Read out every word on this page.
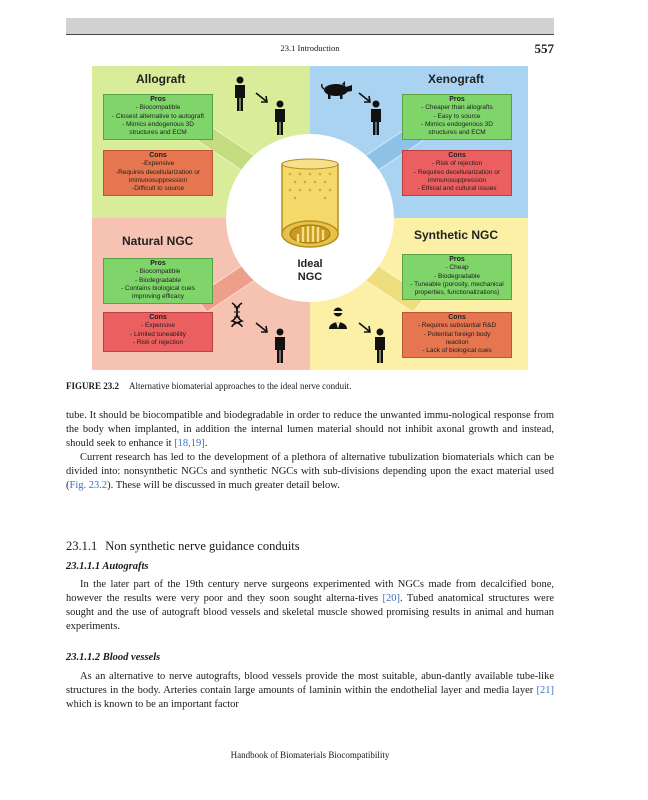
23.1 Introduction	557
Ideal
NGC
Allograft
Pros
- Biocompatible
- Closest alternative to autograft
- Mimics endogenous 3D
structures and ECM
Cons
-Expensive
-Requires decellularization or
immunosuppression
-Difficult to source
Xenograft
Pros
- Cheaper than allografts
- Easy to source
- Mimics endogenous 3D
structures and ECM
Cons
- Risk of rejection
- Requires decellularization or
immunosuppression
- Ethical and cultural issues
Natural NGC
Pros
- Biocompatible
- Biodegradable
- Contains biological cues
improving efficacy
Cons
- Expensive
- Limited tuneability
- Risk of rejection
Synthetic NGC
Pros
- Cheap
- Biodegradable
- Tuneable (porosity, mechanical
properties, functionalizations)
Cons
- Requires substantial R&D
- Potential foreign body
reaction
- Lack of biological cues
FIGURE 23.2 Alternative biomaterial approaches to the ideal nerve conduit.
tube. It should be biocompatible and biodegradable in order to reduce the unwanted immu-nological response from the body when implanted, in addition the internal lumen material should not inhibit axonal growth and instead, should seek to enhance it [18,19].
Current research has led to the development of a plethora of alternative tubulization biomaterials which can be divided into: nonsynthetic NGCs and synthetic NGCs with sub-divisions depending upon the exact material used (Fig. 23.2). These will be discussed in much greater detail below.
23.1.1 Non synthetic nerve guidance conduits
23.1.1.1 Autografts
In the later part of the 19th century nerve surgeons experimented with NGCs made from decalcified bone, however the results were very poor and they soon sought alterna-tives [20]. Tubed anatomical structures were sought and the use of autograft blood vessels and skeletal muscle showed promising results in animal and human experiments.
23.1.1.2 Blood vessels
As an alternative to nerve autografts, blood vessels provide the most suitable, abun-dantly available tube-like structures in the body. Arteries contain large amounts of laminin within the endothelial layer and media layer [21] which is known to be an important factor
Handbook of Biomaterials Biocompatibility
